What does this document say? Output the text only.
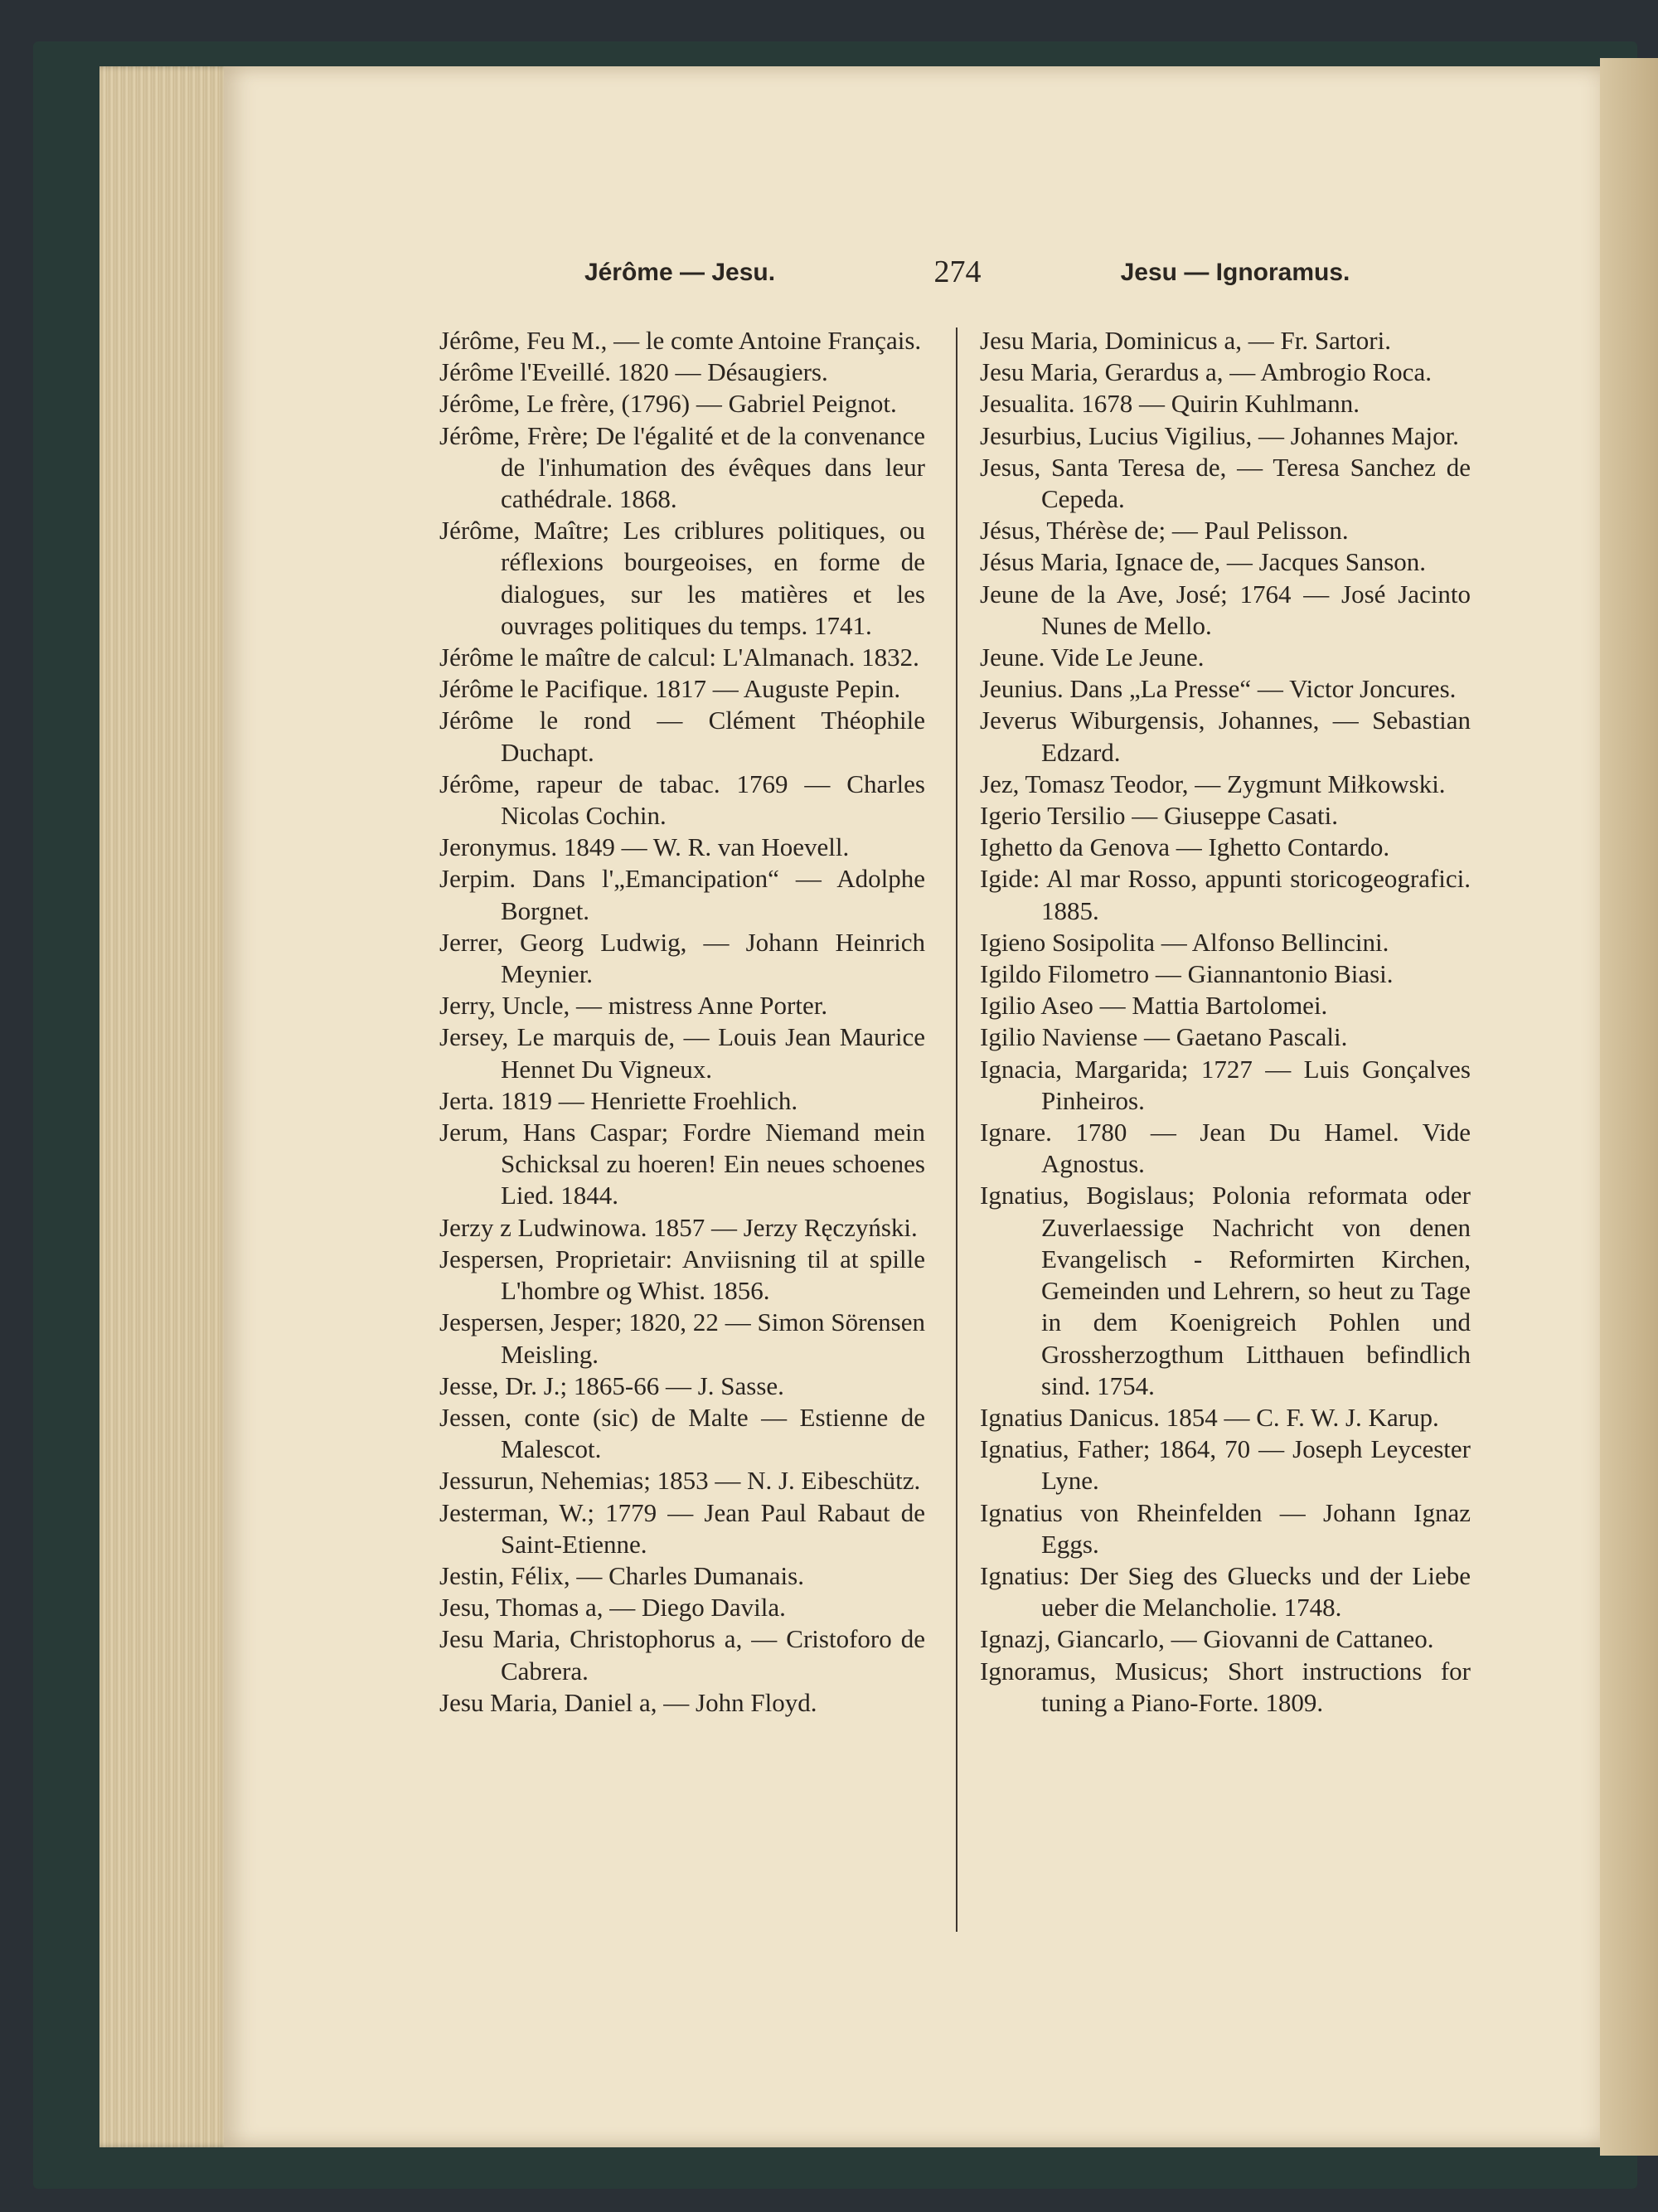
Jérôme — Jesu.	274	Jesu — Ignoramus.

Jérôme, Feu M., — le comte Antoine Français.

Jérôme l'Eveillé. 1820 — Désaugiers.

Jérôme, Le frère, (1796) — Gabriel Peignot.

Jérôme, Frère; De l'égalité et de la convenance de l'inhumation des évêques dans leur cathédrale. 1868.

Jérôme, Maître; Les criblures politiques, ou réflexions bourgeoises, en forme de dialogues, sur les matières et les ouvrages politiques du temps. 1741.

Jérôme le maître de calcul: L'Almanach. 1832.

Jérôme le Pacifique. 1817 — Auguste Pepin.

Jérôme le rond — Clément Théophile Duchapt.

Jérôme, rapeur de tabac. 1769 — Charles Nicolas Cochin.

Jeronymus. 1849 — W. R. van Hoevell.

Jerpim. Dans l'„Emancipation“ — Adolphe Borgnet.

Jerrer, Georg Ludwig, — Johann Heinrich Meynier.

Jerry, Uncle, — mistress Anne Porter.

Jersey, Le marquis de, — Louis Jean Maurice Hennet Du Vigneux.

Jerta. 1819 — Henriette Froehlich.

Jerum, Hans Caspar; Fordre Niemand mein Schicksal zu hoeren! Ein neues schoenes Lied. 1844.

Jerzy z Ludwinowa. 1857 — Jerzy Ręczyński.

Jespersen, Proprietair: Anviisning til at spille L'hombre og Whist. 1856.

Jespersen, Jesper; 1820, 22 — Simon Sörensen Meisling.

Jesse, Dr. J.; 1865-66 — J. Sasse.

Jessen, conte (sic) de Malte — Estienne de Malescot.

Jessurun, Nehemias; 1853 — N. J. Eibeschütz.

Jesterman, W.; 1779 — Jean Paul Rabaut de Saint-Etienne.

Jestin, Félix, — Charles Dumanais.

Jesu, Thomas a, — Diego Davila.

Jesu Maria, Christophorus a, — Cristoforo de Cabrera.

Jesu Maria, Daniel a, — John Floyd.

Jesu Maria, Dominicus a, — Fr. Sartori.

Jesu Maria, Gerardus a, — Ambrogio Roca.

Jesualita. 1678 — Quirin Kuhlmann.

Jesurbius, Lucius Vigilius, — Johannes Major.

Jesus, Santa Teresa de, — Teresa Sanchez de Cepeda.

Jésus, Thérèse de; — Paul Pelisson.

Jésus Maria, Ignace de, — Jacques Sanson.

Jeune de la Ave, José; 1764 — José Jacinto Nunes de Mello.

Jeune. Vide Le Jeune.

Jeunius. Dans „La Presse“ — Victor Joncures.

Jeverus Wiburgensis, Johannes, — Sebastian Edzard.

Jez, Tomasz Teodor, — Zygmunt Miłkowski.

Igerio Tersilio — Giuseppe Casati.

Ighetto da Genova — Ighetto Contardo.

Igide: Al mar Rosso, appunti storicogeografici. 1885.

Igieno Sosipolita — Alfonso Bellincini.

Igildo Filometro — Giannantonio Biasi.

Igilio Aseo — Mattia Bartolomei.

Igilio Naviense — Gaetano Pascali.

Ignacia, Margarida; 1727 — Luis Gonçalves Pinheiros.

Ignare. 1780 — Jean Du Hamel. Vide Agnostus.

Ignatius, Bogislaus; Polonia reformata oder Zuverlaessige Nachricht von denen Evangelisch - Reformirten Kirchen, Gemeinden und Lehrern, so heut zu Tage in dem Koenigreich Pohlen und Grossherzogthum Litthauen befindlich sind. 1754.

Ignatius Danicus. 1854 — C. F. W. J. Karup.

Ignatius, Father; 1864, 70 — Joseph Leycester Lyne.

Ignatius von Rheinfelden — Johann Ignaz Eggs.

Ignatius: Der Sieg des Gluecks und der Liebe ueber die Melancholie. 1748.

Ignazj, Giancarlo, — Giovanni de Cattaneo.

Ignoramus, Musicus; Short instructions for tuning a Piano-Forte. 1809.
